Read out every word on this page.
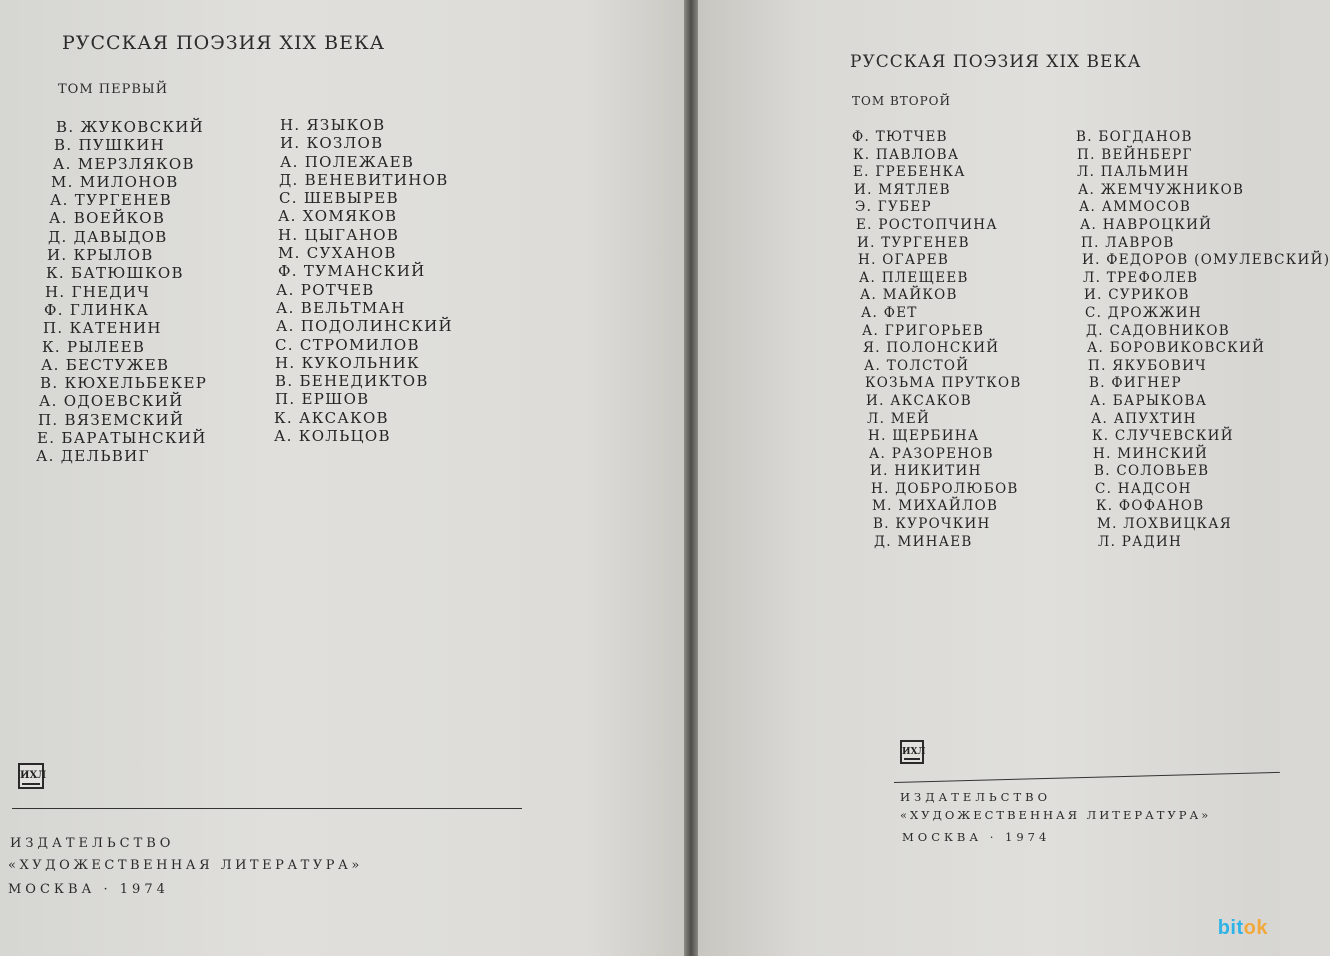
РУССКАЯ ПОЭЗИЯ XIX ВЕКА
ТОМ ПЕРВЫЙ
В. ЖУКОВСКИЙ
В. ПУШКИН
А. МЕРЗЛЯКОВ
М. МИЛОНОВ
А. ТУРГЕНЕВ
А. ВОЕЙКОВ
Д. ДАВЫДОВ
И. КРЫЛОВ
К. БАТЮШКОВ
Н. ГНЕДИЧ
Ф. ГЛИНКА
П. КАТЕНИН
К. РЫЛЕЕВ
А. БЕСТУЖЕВ
В. КЮХЕЛЬБЕКЕР
А. ОДОЕВСКИЙ
П. ВЯЗЕМСКИЙ
Е. БАРАТЫНСКИЙ
А. ДЕЛЬВИГ
Н. ЯЗЫКОВ
И. КОЗЛОВ
А. ПОЛЕЖАЕВ
Д. ВЕНЕВИТИНОВ
С. ШЕВЫРЕВ
А. ХОМЯКОВ
Н. ЦЫГАНОВ
М. СУХАНОВ
Ф. ТУМАНСКИЙ
А. РОТЧЕВ
А. ВЕЛЬТМАН
А. ПОДОЛИНСКИЙ
С. СТРОМИЛОВ
Н. КУКОЛЬНИК
В. БЕНЕДИКТОВ
П. ЕРШОВ
К. АКСАКОВ
А. КОЛЬЦОВ
ИХЛ
ИЗДАТЕЛЬСТВО
«ХУДОЖЕСТВЕННАЯ ЛИТЕРАТУРА»
МОСКВА · 1974
РУССКАЯ ПОЭЗИЯ XIX ВЕКА
ТОМ ВТОРОЙ
Ф. ТЮТЧЕВ
К. ПАВЛОВА
Е. ГРЕБЕНКА
И. МЯТЛЕВ
Э. ГУБЕР
Е. РОСТОПЧИНА
И. ТУРГЕНЕВ
Н. ОГАРЕВ
А. ПЛЕЩЕЕВ
А. МАЙКОВ
А. ФЕТ
А. ГРИГОРЬЕВ
Я. ПОЛОНСКИЙ
А. ТОЛСТОЙ
КОЗЬМА ПРУТКОВ
И. АКСАКОВ
Л. МЕЙ
Н. ЩЕРБИНА
А. РАЗОРЕНОВ
И. НИКИТИН
Н. ДОБРОЛЮБОВ
М. МИХАЙЛОВ
В. КУРОЧКИН
Д. МИНАЕВ
В. БОГДАНОВ
П. ВЕЙНБЕРГ
Л. ПАЛЬМИН
А. ЖЕМЧУЖНИКОВ
А. АММОСОВ
А. НАВРОЦКИЙ
П. ЛАВРОВ
И. ФЕДОРОВ (ОМУЛЕВСКИЙ)
Л. ТРЕФОЛЕВ
И. СУРИКОВ
С. ДРОЖЖИН
Д. САДОВНИКОВ
А. БОРОВИКОВСКИЙ
П. ЯКУБОВИЧ
В. ФИГНЕР
А. БАРЫКОВА
А. АПУХТИН
К. СЛУЧЕВСКИЙ
Н. МИНСКИЙ
В. СОЛОВЬЕВ
С. НАДСОН
К. ФОФАНОВ
М. ЛОХВИЦКАЯ
Л. РАДИН
ИХЛ
ИЗДАТЕЛЬСТВО
«ХУДОЖЕСТВЕННАЯ ЛИТЕРАТУРА»
МОСКВА · 1974
bitok
